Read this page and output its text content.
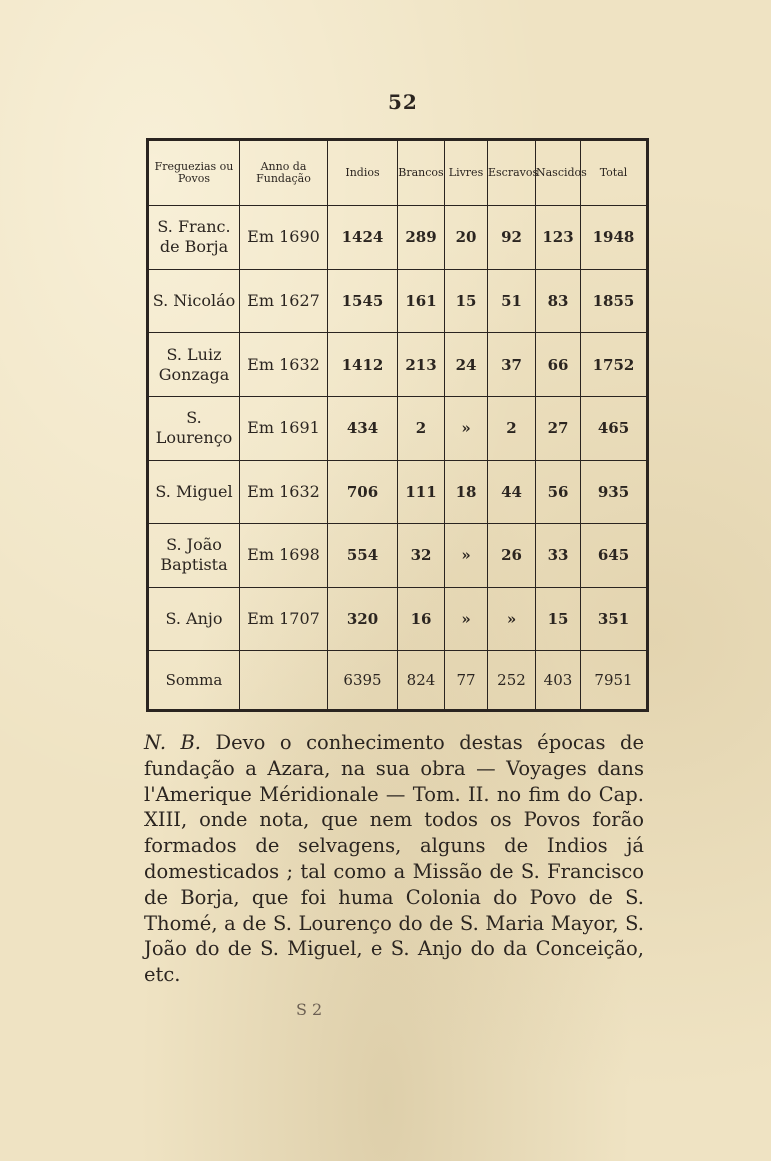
52
Freguezias ou Povos	Anno da Fundação	Indios	Brancos	Livres	Escravos	Nascidos	Total
S. Franc. de Borja	Em 1690	1424	289	20	92	123	1948
S. Nicoláo	Em 1627	1545	161	15	51	83	1855
S. Luiz Gonzaga	Em 1632	1412	213	24	37	66	1752
S. Lourenço	Em 1691	434	2	»	2	27	465
S. Miguel	Em 1632	706	111	18	44	56	935
S. João Baptista	Em 1698	554	32	»	26	33	645
S. Anjo	Em 1707	320	16	»	»	15	351
Somma		6395	824	77	252	403	7951
N. B. Devo o conhecimento destas épocas de fundação a Azara, na sua obra — Voyages dans l'Amerique Méridionale — Tom. II. no fim do Cap. XIII, onde nota, que nem todos os Povos forão formados de selvagens, alguns de Indios já domesticados ; tal como a Missão de S. Francisco de Borja, que foi huma Colonia do Povo de S. Thomé, a de S. Lourenço do de S. Maria Mayor, S. João do de S. Miguel, e S. Anjo do da Conceição, etc.
S 2
